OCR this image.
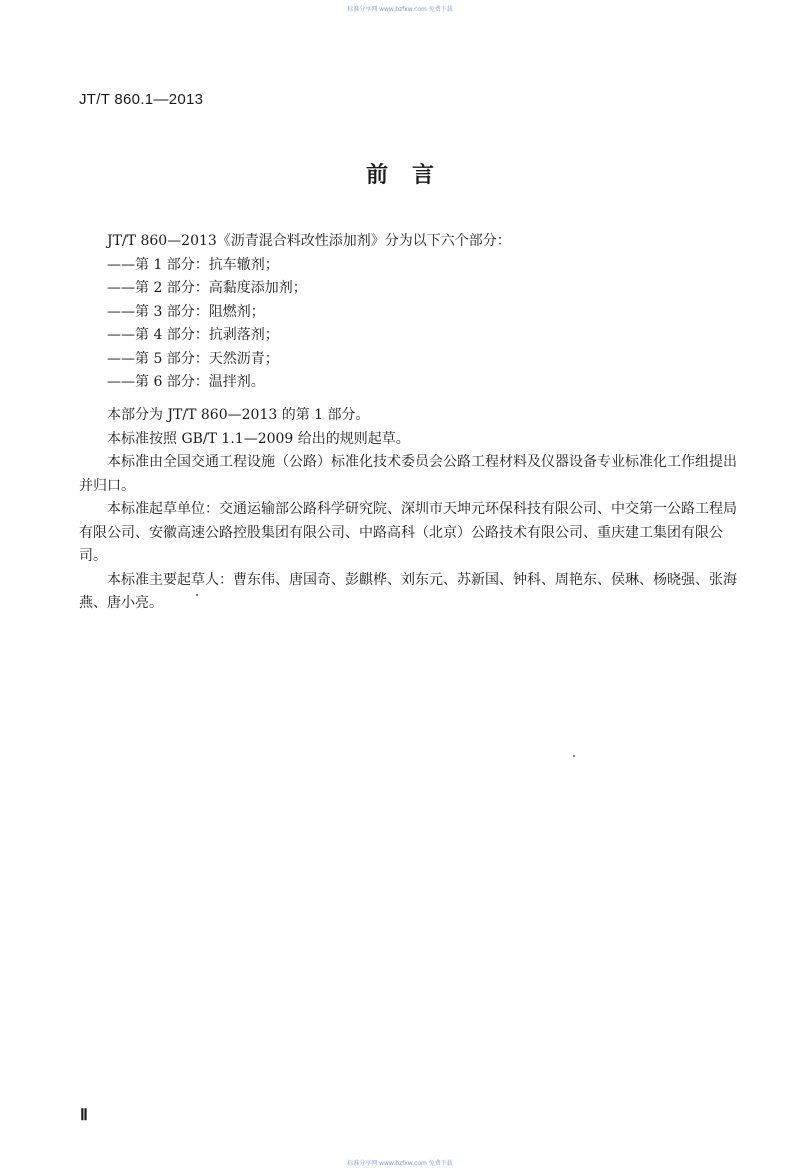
标准分享网 www.bzfxw.com 免费下载
JT/T 860.1—2013
前言

JT/T 860—2013《沥青混合料改性添加剂》分为以下六个部分：

——第 1 部分：抗车辙剂；

——第 2 部分：高黏度添加剂；

——第 3 部分：阻燃剂；

——第 4 部分：抗剥落剂；

——第 5 部分：天然沥青；

——第 6 部分：温拌剂。

本部分为 JT/T 860—2013 的第 1 部分。

本标准按照 GB/T 1.1—2009 给出的规则起草。

本标准由全国交通工程设施（公路）标准化技术委员会公路工程材料及仪器设备专业标准化工作组提出并归口。

本标准起草单位：交通运输部公路科学研究院、深圳市天坤元环保科技有限公司、中交第一公路工程局有限公司、安徽高速公路控股集团有限公司、中路高科（北京）公路技术有限公司、重庆建工集团有限公司。

本标准主要起草人：曹东伟、唐国奇、彭麒桦、刘东元、苏新国、钟科、周艳东、侯琳、杨晓强、张海燕、唐小亮。

Ⅱ
标准分享网 www.bzfxw.com 免费下载
